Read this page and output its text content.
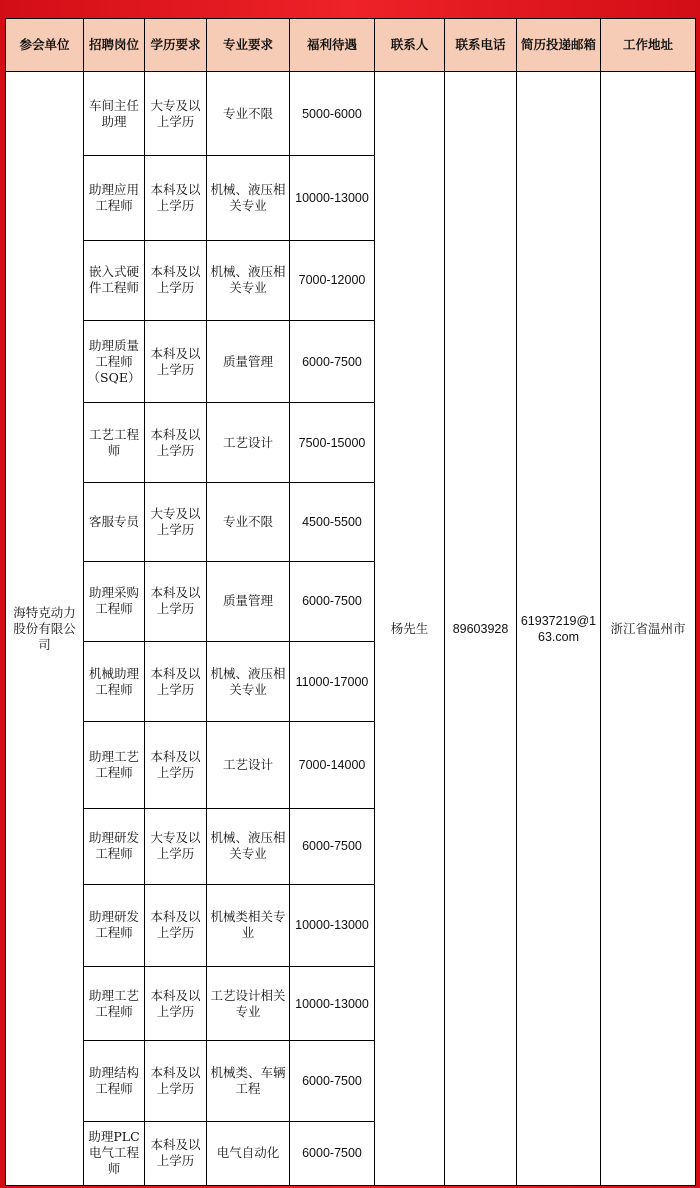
参会单位	招聘岗位	学历要求	专业要求	福利待遇	联系人	联系电话	简历投递邮箱	工作地址
海特克动力股份有限公司	车间主任助理	大专及以上学历	专业不限	5000-6000	杨先生	89603928	61937219@163.com	浙江省温州市
	助理应用工程师	本科及以上学历	机械、液压相关专业	10000-13000				
	嵌入式硬件工程师	本科及以上学历	机械、液压相关专业	7000-12000				
	助理质量工程师（SQE）	本科及以上学历	质量管理	6000-7500				
	工艺工程师	本科及以上学历	工艺设计	7500-15000				
	客服专员	大专及以上学历	专业不限	4500-5500				
	助理采购工程师	本科及以上学历	质量管理	6000-7500				
	机械助理工程师	本科及以上学历	机械、液压相关专业	11000-17000				
	助理工艺工程师	本科及以上学历	工艺设计	7000-14000				
	助理研发工程师	大专及以上学历	机械、液压相关专业	6000-7500				
	助理研发工程师	本科及以上学历	机械类相关专业	10000-13000				
	助理工艺工程师	本科及以上学历	工艺设计相关专业	10000-13000				
	助理结构工程师	本科及以上学历	机械类、车辆工程	6000-7500				
	助理PLC电气工程师	本科及以上学历	电气自动化	6000-7500				
